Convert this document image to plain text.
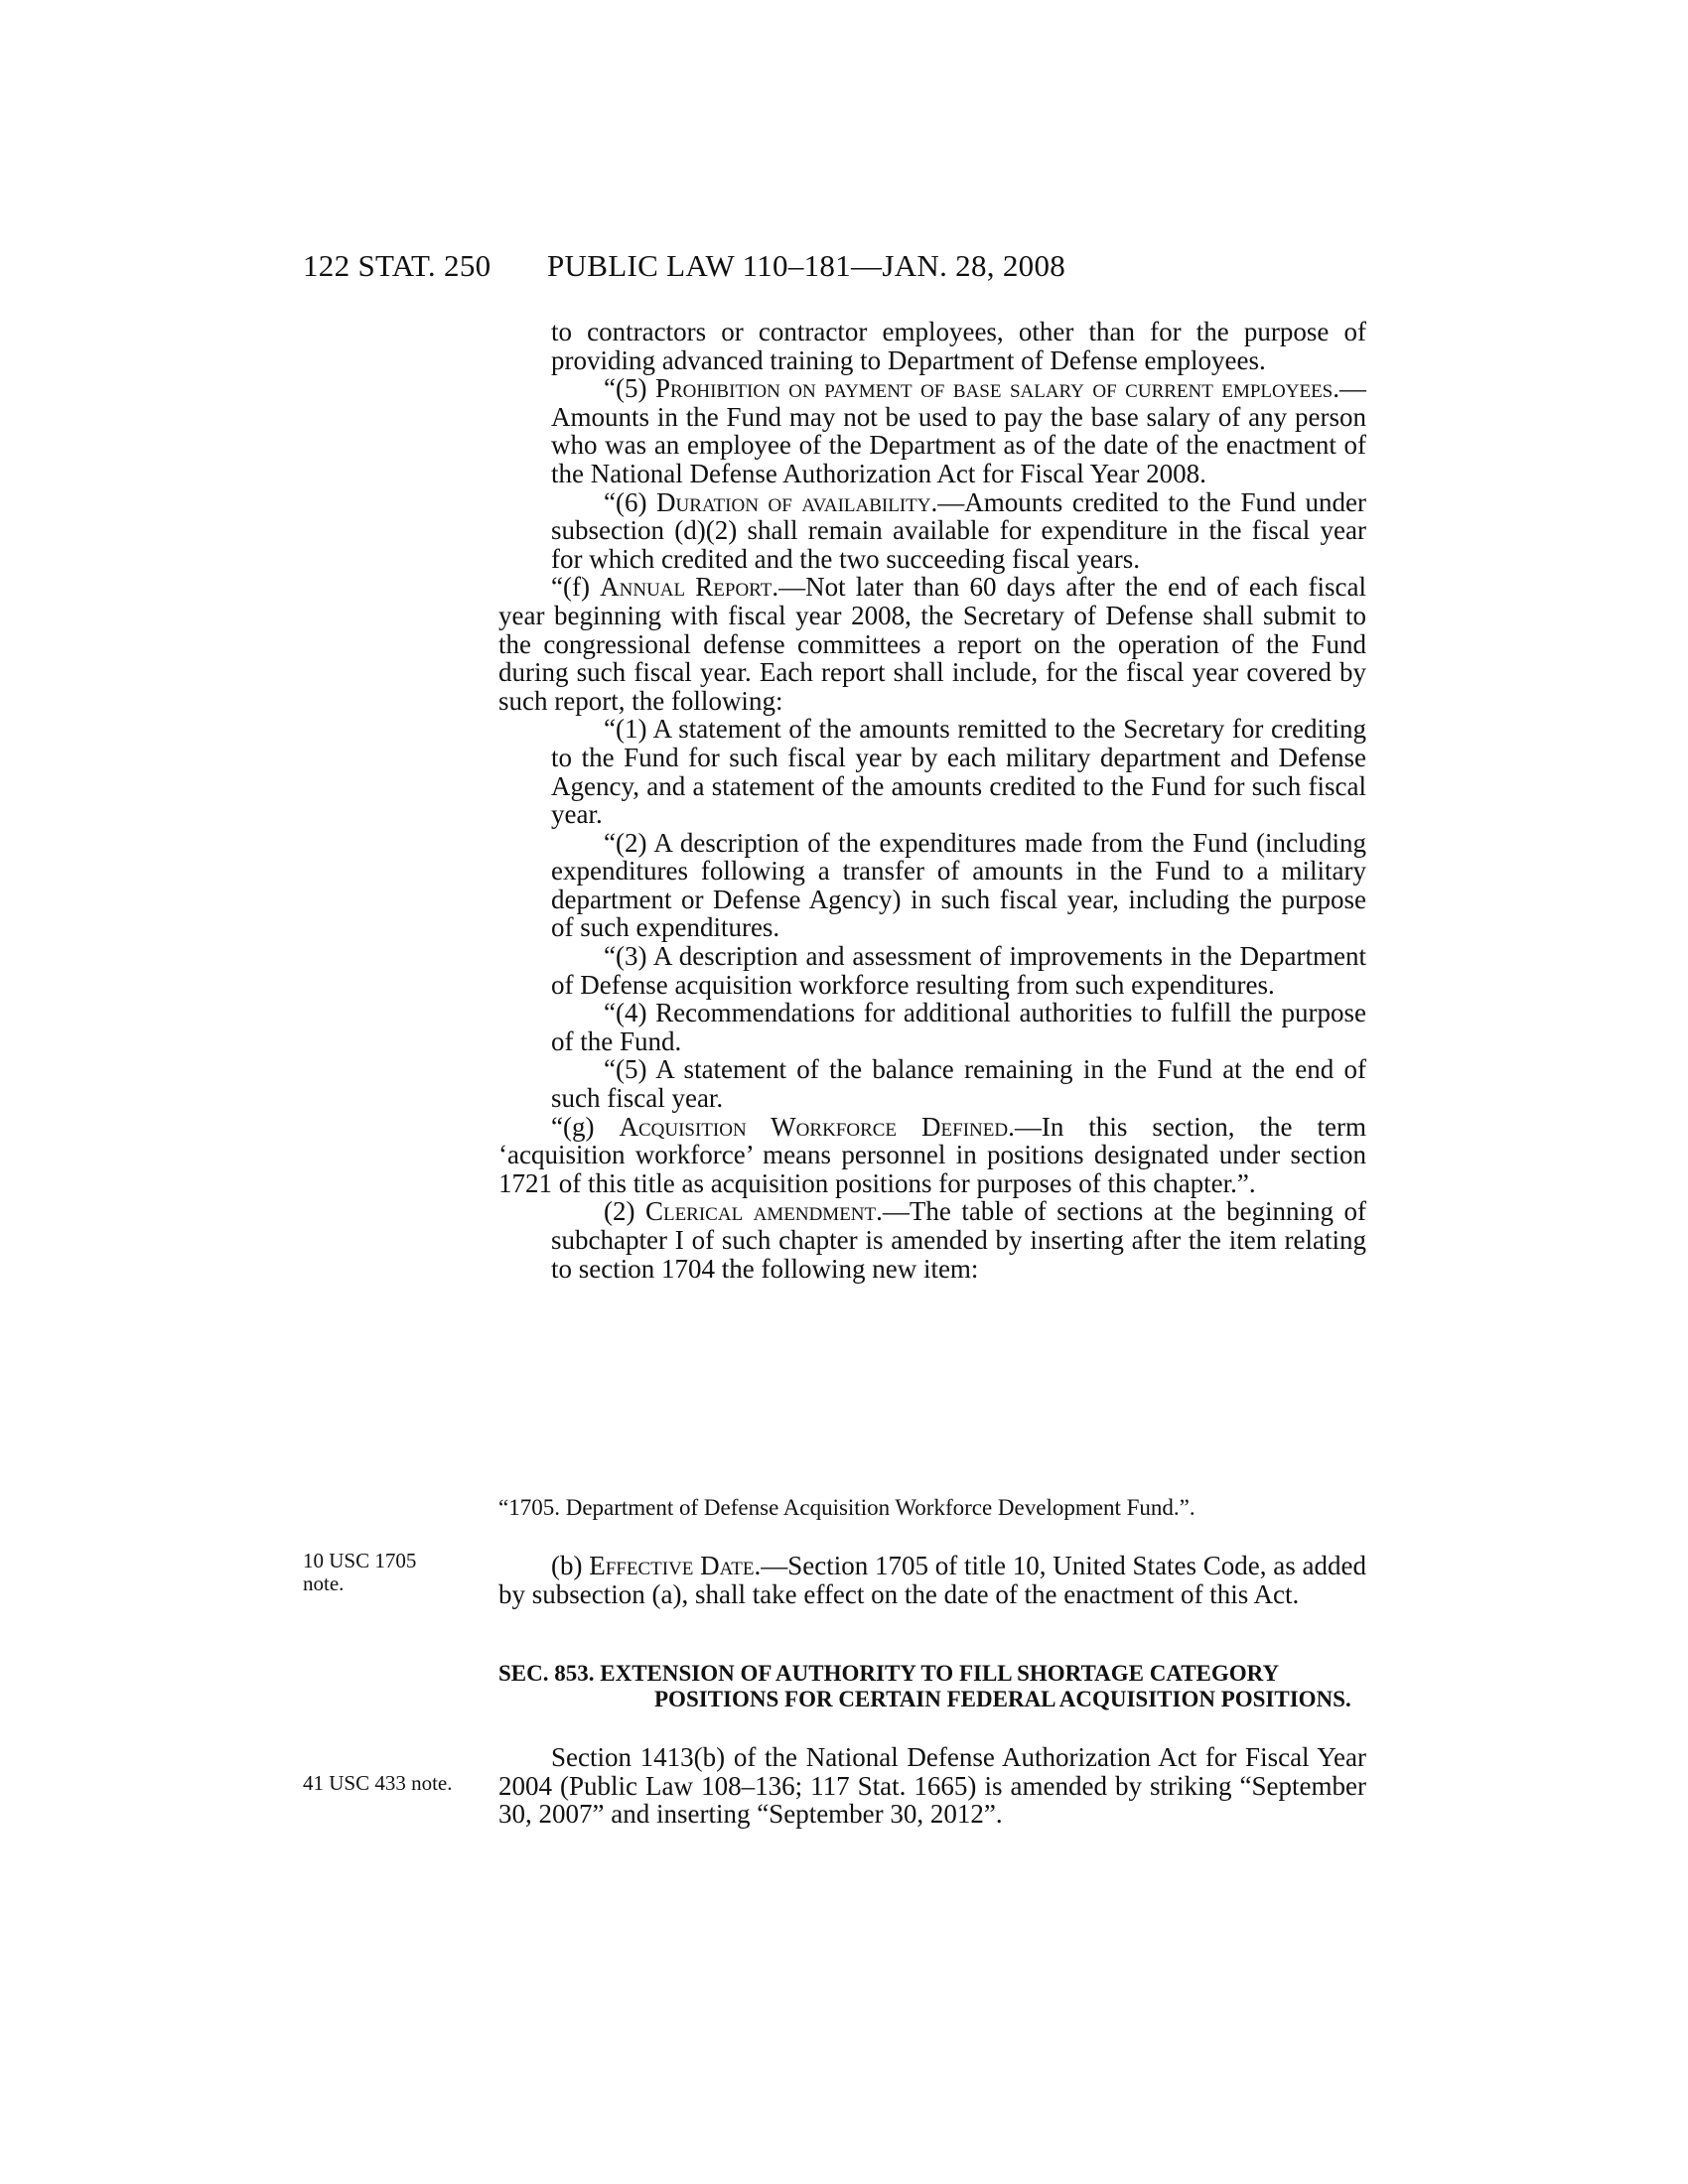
122 STAT. 250 PUBLIC LAW 110–181—JAN. 28, 2008

to contractors or contractor employees, other than for the purpose of providing advanced training to Department of Defense employees.

“(5) Prohibition on payment of base salary of current employees.—Amounts in the Fund may not be used to pay the base salary of any person who was an employee of the Department as of the date of the enactment of the National Defense Authorization Act for Fiscal Year 2008.

“(6) Duration of availability.—Amounts credited to the Fund under subsection (d)(2) shall remain available for expenditure in the fiscal year for which credited and the two succeeding fiscal years.

“(f) Annual Report.—Not later than 60 days after the end of each fiscal year beginning with fiscal year 2008, the Secretary of Defense shall submit to the congressional defense committees a report on the operation of the Fund during such fiscal year. Each report shall include, for the fiscal year covered by such report, the following:

“(1) A statement of the amounts remitted to the Secretary for crediting to the Fund for such fiscal year by each military department and Defense Agency, and a statement of the amounts credited to the Fund for such fiscal year.

“(2) A description of the expenditures made from the Fund (including expenditures following a transfer of amounts in the Fund to a military department or Defense Agency) in such fiscal year, including the purpose of such expenditures.

“(3) A description and assessment of improvements in the Department of Defense acquisition workforce resulting from such expenditures.

“(4) Recommendations for additional authorities to fulfill the purpose of the Fund.

“(5) A statement of the balance remaining in the Fund at the end of such fiscal year.

“(g) Acquisition Workforce Defined.—In this section, the term ‘acquisition workforce’ means personnel in positions designated under section 1721 of this title as acquisition positions for purposes of this chapter.”.

(2) Clerical amendment.—The table of sections at the beginning of subchapter I of such chapter is amended by inserting after the item relating to section 1704 the following new item:

“1705. Department of Defense Acquisition Workforce Development Fund.”.
10 USC 1705
note.

(b) Effective Date.—Section 1705 of title 10, United States Code, as added by subsection (a), shall take effect on the date of the enactment of this Act.

SEC. 853. EXTENSION OF AUTHORITY TO FILL SHORTAGE CATEGORY
POSITIONS FOR CERTAIN FEDERAL ACQUISITION POSITIONS.
41 USC 433 note.

Section 1413(b) of the National Defense Authorization Act for Fiscal Year 2004 (Public Law 108–136; 117 Stat. 1665) is amended by striking “September 30, 2007” and inserting “September 30, 2012”.
